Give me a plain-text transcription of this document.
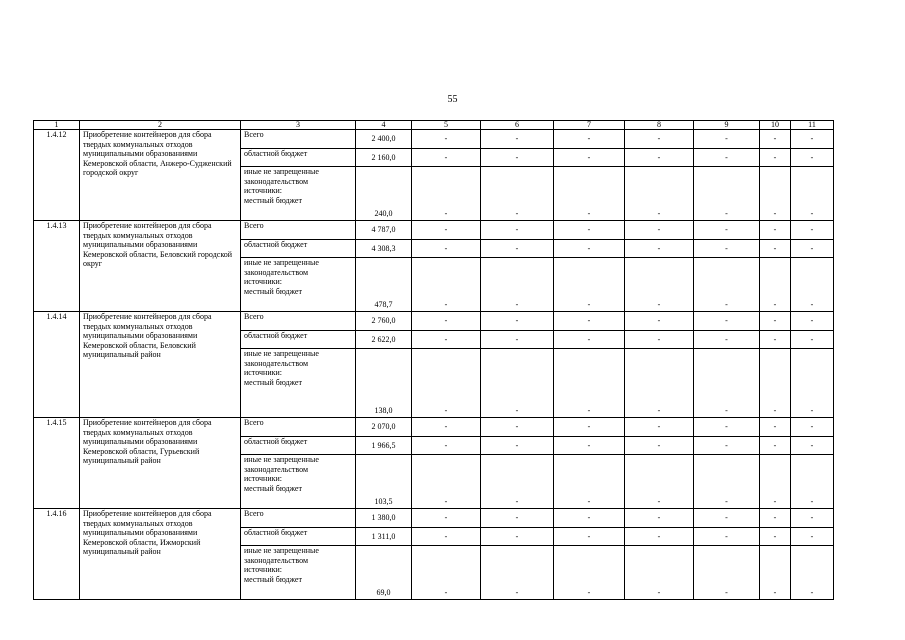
55
1	2	3	4	5	6	7	8	9	10	11
1.4.12	Приобретение контейнеров для сбора твердых коммунальных отходов муниципальными образованиями Кемеровской области, Анжеро-Судженский городской округ	Всего	2 400,0	-	-	-	-	-	-	-
		областной бюджет	2 160,0	-	-	-	-	-	-	-

		иные не запрещенные
законодательством
источники:
местный бюджет	240,0	-	-	-	-	-	-	-
1.4.13	Приобретение контейнеров для сбора твердых коммунальных отходов муниципальными образованиями Кемеровской области, Беловский городской округ	Всего	4 787,0	-	-	-	-	-	-	-
		областной бюджет	4 308,3	-	-	-	-	-	-	-

		иные не запрещенные
законодательством
источники:
местный бюджет	478,7	-	-	-	-	-	-	-
1.4.14	Приобретение контейнеров для сбора твердых коммунальных отходов муниципальными образованиями Кемеровской области, Беловский муниципальный район	Всего	2 760,0	-	-	-	-	-	-	-
		областной бюджет	2 622,0	-	-	-	-	-	-	-

		иные не запрещенные
законодательством
источники:
местный бюджет	138,0	-	-	-	-	-	-	-
1.4.15	Приобретение контейнеров для сбора твердых коммунальных отходов муниципальными образованиями Кемеровской области, Гурьевский муниципальный район	Всего	2 070,0	-	-	-	-	-	-	-
		областной бюджет	1 966,5	-	-	-	-	-	-	-

		иные не запрещенные
законодательством
источники:
местный бюджет	103,5	-	-	-	-	-	-	-
1.4.16	Приобретение контейнеров для сбора твердых коммунальных отходов муниципальными образованиями Кемеровской области, Ижморский муниципальный район	Всего	1 380,0	-	-	-	-	-	-	-
		областной бюджет	1 311,0	-	-	-	-	-	-	-

		иные не запрещенные
законодательством
источники:
местный бюджет	69,0	-	-	-	-	-	-	-
